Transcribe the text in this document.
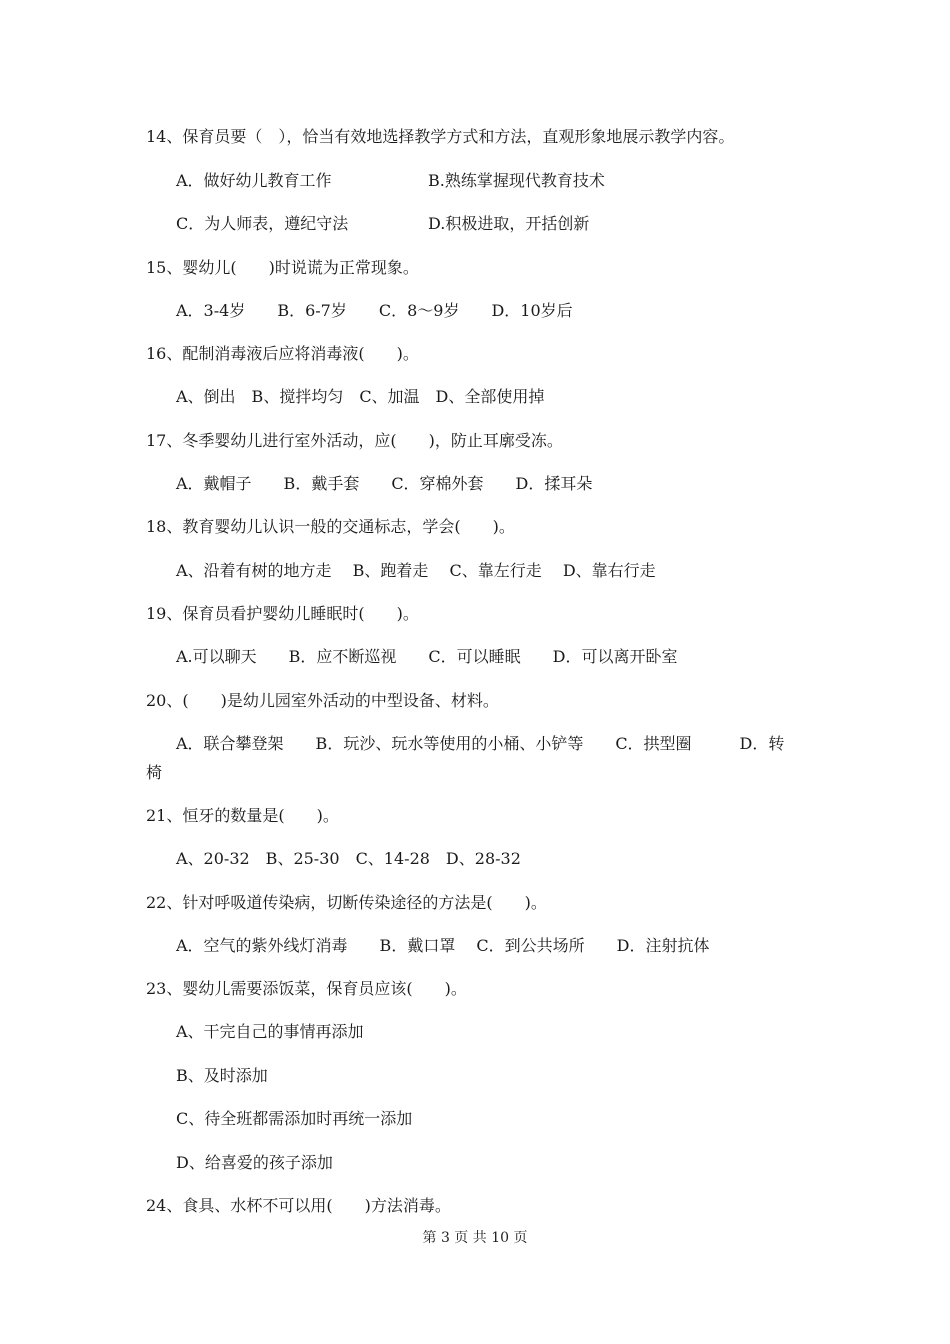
14、保育员要（　），恰当有效地选择教学方式和方法，直观形象地展示教学内容。
A．做好幼儿教育工作	B.熟练掌握现代教育技术
C．为人师表，遵纪守法	D.积极进取，开括创新
15、婴幼儿(　　)时说谎为正常现象。
A．3-4岁　　B．6-7岁　　C．8～9岁　　D．10岁后
16、配制消毒液后应将消毒液(　　)。
A、倒出　B、搅拌均匀　C、加温　D、全部使用掉
17、冬季婴幼儿进行室外活动，应(　　)，防止耳廓受冻。
A．戴帽子　　B．戴手套　　C．穿棉外套　　D．揉耳朵
18、教育婴幼儿认识一般的交通标志，学会(　　)。
A、沿着有树的地方走　 B、跑着走　 C、靠左行走　 D、靠右行走
19、保育员看护婴幼儿睡眠时(　　)。
A.可以聊天　　B．应不断巡视　　C．可以睡眠　　D．可以离开卧室
20、(　　)是幼儿园室外活动的中型设备、材料。
A．联合攀登架　　B．玩沙、玩水等使用的小桶、小铲等　　C．拱型圈　　　D．转
椅
21、恒牙的数量是(　　)。
A、20-32　B、25-30　C、14-28　D、28-32
22、针对呼吸道传染病，切断传染途径的方法是(　　)。
A．空气的紫外线灯消毒　　B．戴口罩　 C．到公共场所　　D．注射抗体
23、婴幼儿需要添饭菜，保育员应该(　　)。
A、干完自己的事情再添加
B、及时添加
C、待全班都需添加时再统一添加
D、给喜爱的孩子添加
24、食具、水杯不可以用(　　)方法消毒。
第 3 页 共 10 页
